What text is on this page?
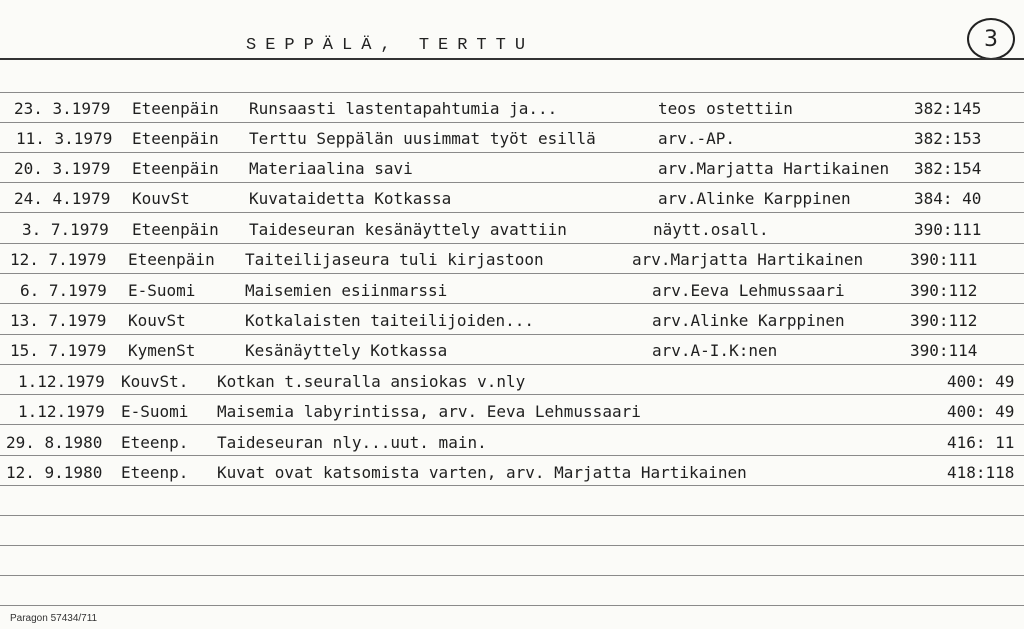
SEPPÄLÄ, TERTTU	3
23. 3.1979 Eteenpäin Runsaasti lastentapahtumia ja...	teos ostettiin	382:145
11. 3.1979 Eteenpäin Terttu Seppälän uusimmat työt esillä	arv.-AP.	382:153
20. 3.1979 Eteenpäin Materiaalina savi	arv.Marjatta Hartikainen 382:154
24. 4.1979 KouvSt	Kuvataidetta Kotkassa	arv.Alinke Karppinen	384: 40
3. 7.1979 Eteenpäin Taideseuran kesänäyttely avattiin	näytt.osall.	390:111
12. 7.1979 Eteenpäin Taiteilijaseura tuli kirjastoon	arv.Marjatta Hartikainen	390:111
6. 7.1979 E-Suomi	Maisemien esiinmarssi	arv.Eeva Lehmussaari	390:112
13. 7.1979 KouvSt	Kotkalaisten taiteilijoiden...	arv.Alinke Karppinen	390:112
15. 7.1979 KymenSt	Kesänäyttely Kotkassa	arv.A-I.K:nen	390:114
1.12.1979 KouvSt. Kotkan t.seuralla ansiokas v.nly	400: 49
1.12.1979 E-Suomi Maisemia labyrintissa, arv. Eeva Lehmussaari	400: 49
29. 8.1980 Eteenp. Taideseuran nly...uut. main.	416: 11
12. 9.1980 Eteenp. Kuvat ovat katsomista varten, arv. Marjatta Hartikainen	418:118
Paragon 57434/711
